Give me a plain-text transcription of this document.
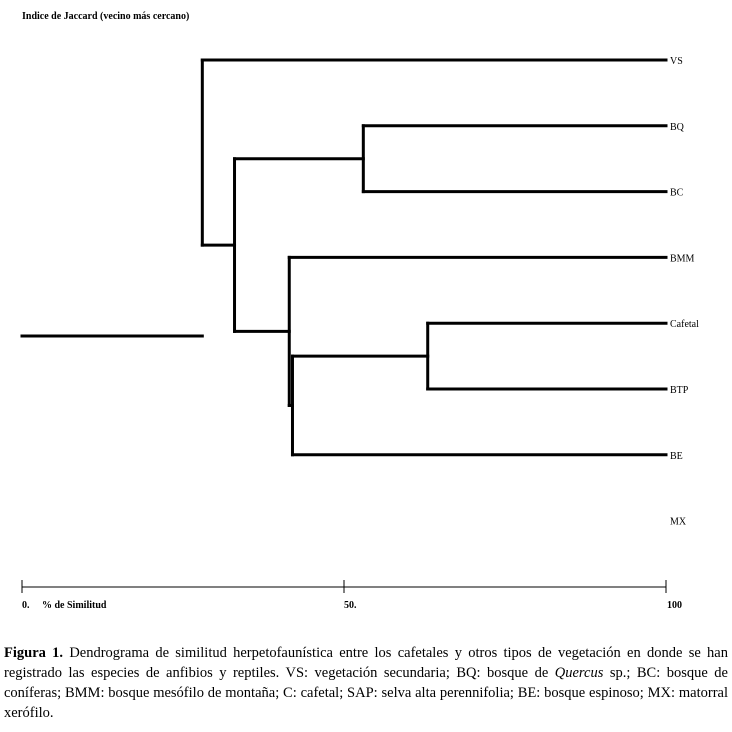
Indice de Jaccard (vecino más cercano)
VS
BQ
BC
BMM
Cafetal
BTP
BE
MX
0. % de Similitud	50.	100
Figura 1. Dendrograma de similitud herpetofaunística entre los cafetales y otros tipos de vegetación en donde se han registrado las especies de anfibios y reptiles. VS: vegetación secundaria; BQ: bosque de Quercus sp.; BC: bosque de coníferas; BMM: bosque mesófilo de montaña; C: cafetal; SAP: selva alta perennifolia; BE: bosque espinoso; MX: matorral xerófilo.
